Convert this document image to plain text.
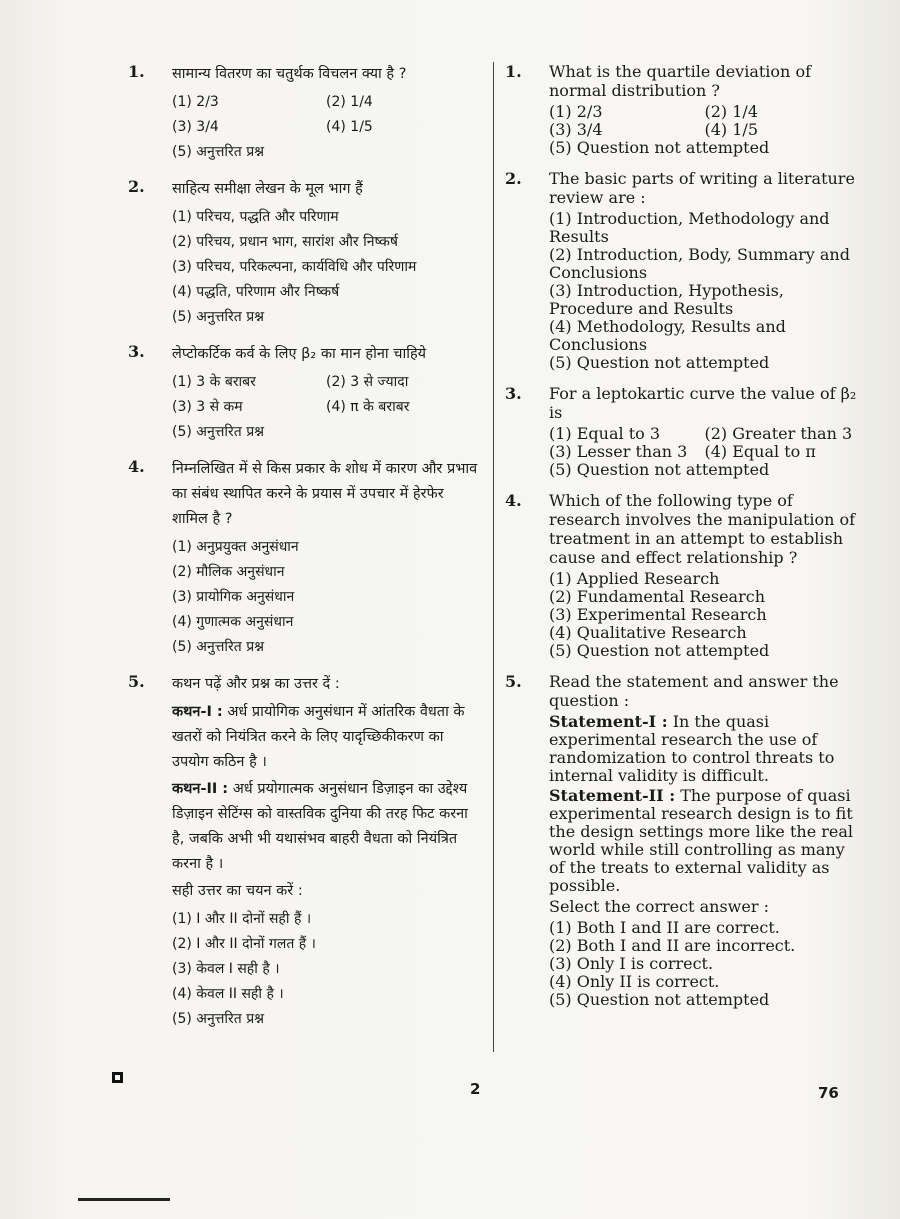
1. सामान्य वितरण का चतुर्थक विचलन क्या है ?
(1) 2/3	(2) 1/4
(3) 3/4	(4) 1/5
(5) अनुत्तरित प्रश्न
2. साहित्य समीक्षा लेखन के मूल भाग हैं
(1) परिचय, पद्धति और परिणाम
(2) परिचय, प्रधान भाग, सारांश और निष्कर्ष
(3) परिचय, परिकल्पना, कार्यविधि और परिणाम
(4) पद्धति, परिणाम और निष्कर्ष
(5) अनुत्तरित प्रश्न
3. लेप्टोकर्टिक कर्व के लिए β₂ का मान होना चाहिये
(1) 3 के बराबर	(2) 3 से ज्यादा
(3) 3 से कम	(4) π के बराबर
(5) अनुत्तरित प्रश्न
4. निम्नलिखित में से किस प्रकार के शोध में कारण और प्रभाव का संबंध स्थापित करने के प्रयास में उपचार में हेरफेर शामिल है ?
(1) अनुप्रयुक्त अनुसंधान
(2) मौलिक अनुसंधान
(3) प्रायोगिक अनुसंधान
(4) गुणात्मक अनुसंधान
(5) अनुत्तरित प्रश्न
5. कथन पढ़ें और प्रश्न का उत्तर दें :
कथन-I : अर्ध प्रायोगिक अनुसंधान में आंतरिक वैधता के खतरों को नियंत्रित करने के लिए यादृच्छिकीकरण का उपयोग कठिन है ।
कथन-II : अर्ध प्रयोगात्मक अनुसंधान डिज़ाइन का उद्देश्य डिज़ाइन सेटिंग्स को वास्तविक दुनिया की तरह फिट करना है, जबकि अभी भी यथासंभव बाहरी वैधता को नियंत्रित करना है ।
सही उत्तर का चयन करें :
(1) I और II दोनों सही हैं ।
(2) I और II दोनों गलत हैं ।
(3) केवल I सही है ।
(4) केवल II सही है ।
(5) अनुत्तरित प्रश्न
1. What is the quartile deviation of normal distribution ?
(1) 2/3	(2) 1/4
(3) 3/4	(4) 1/5
(5) Question not attempted
2. The basic parts of writing a literature review are :
(1) Introduction, Methodology and Results
(2) Introduction, Body, Summary and Conclusions
(3) Introduction, Hypothesis, Procedure and Results
(4) Methodology, Results and Conclusions
(5) Question not attempted
3. For a leptokartic curve the value of β₂ is
(1) Equal to 3	(2) Greater than 3
(3) Lesser than 3	(4) Equal to π
(5) Question not attempted
4. Which of the following type of research involves the manipulation of treatment in an attempt to establish cause and effect relationship ?
(1) Applied Research
(2) Fundamental Research
(3) Experimental Research
(4) Qualitative Research
(5) Question not attempted
5. Read the statement and answer the question :
Statement-I : In the quasi experimental research the use of randomization to control threats to internal validity is difficult.
Statement-II : The purpose of quasi experimental research design is to fit the design settings more like the real world while still controlling as many of the treats to external validity as possible.
Select the correct answer :
(1) Both I and II are correct.
(2) Both I and II are incorrect.
(3) Only I is correct.
(4) Only II is correct.
(5) Question not attempted
2	76
